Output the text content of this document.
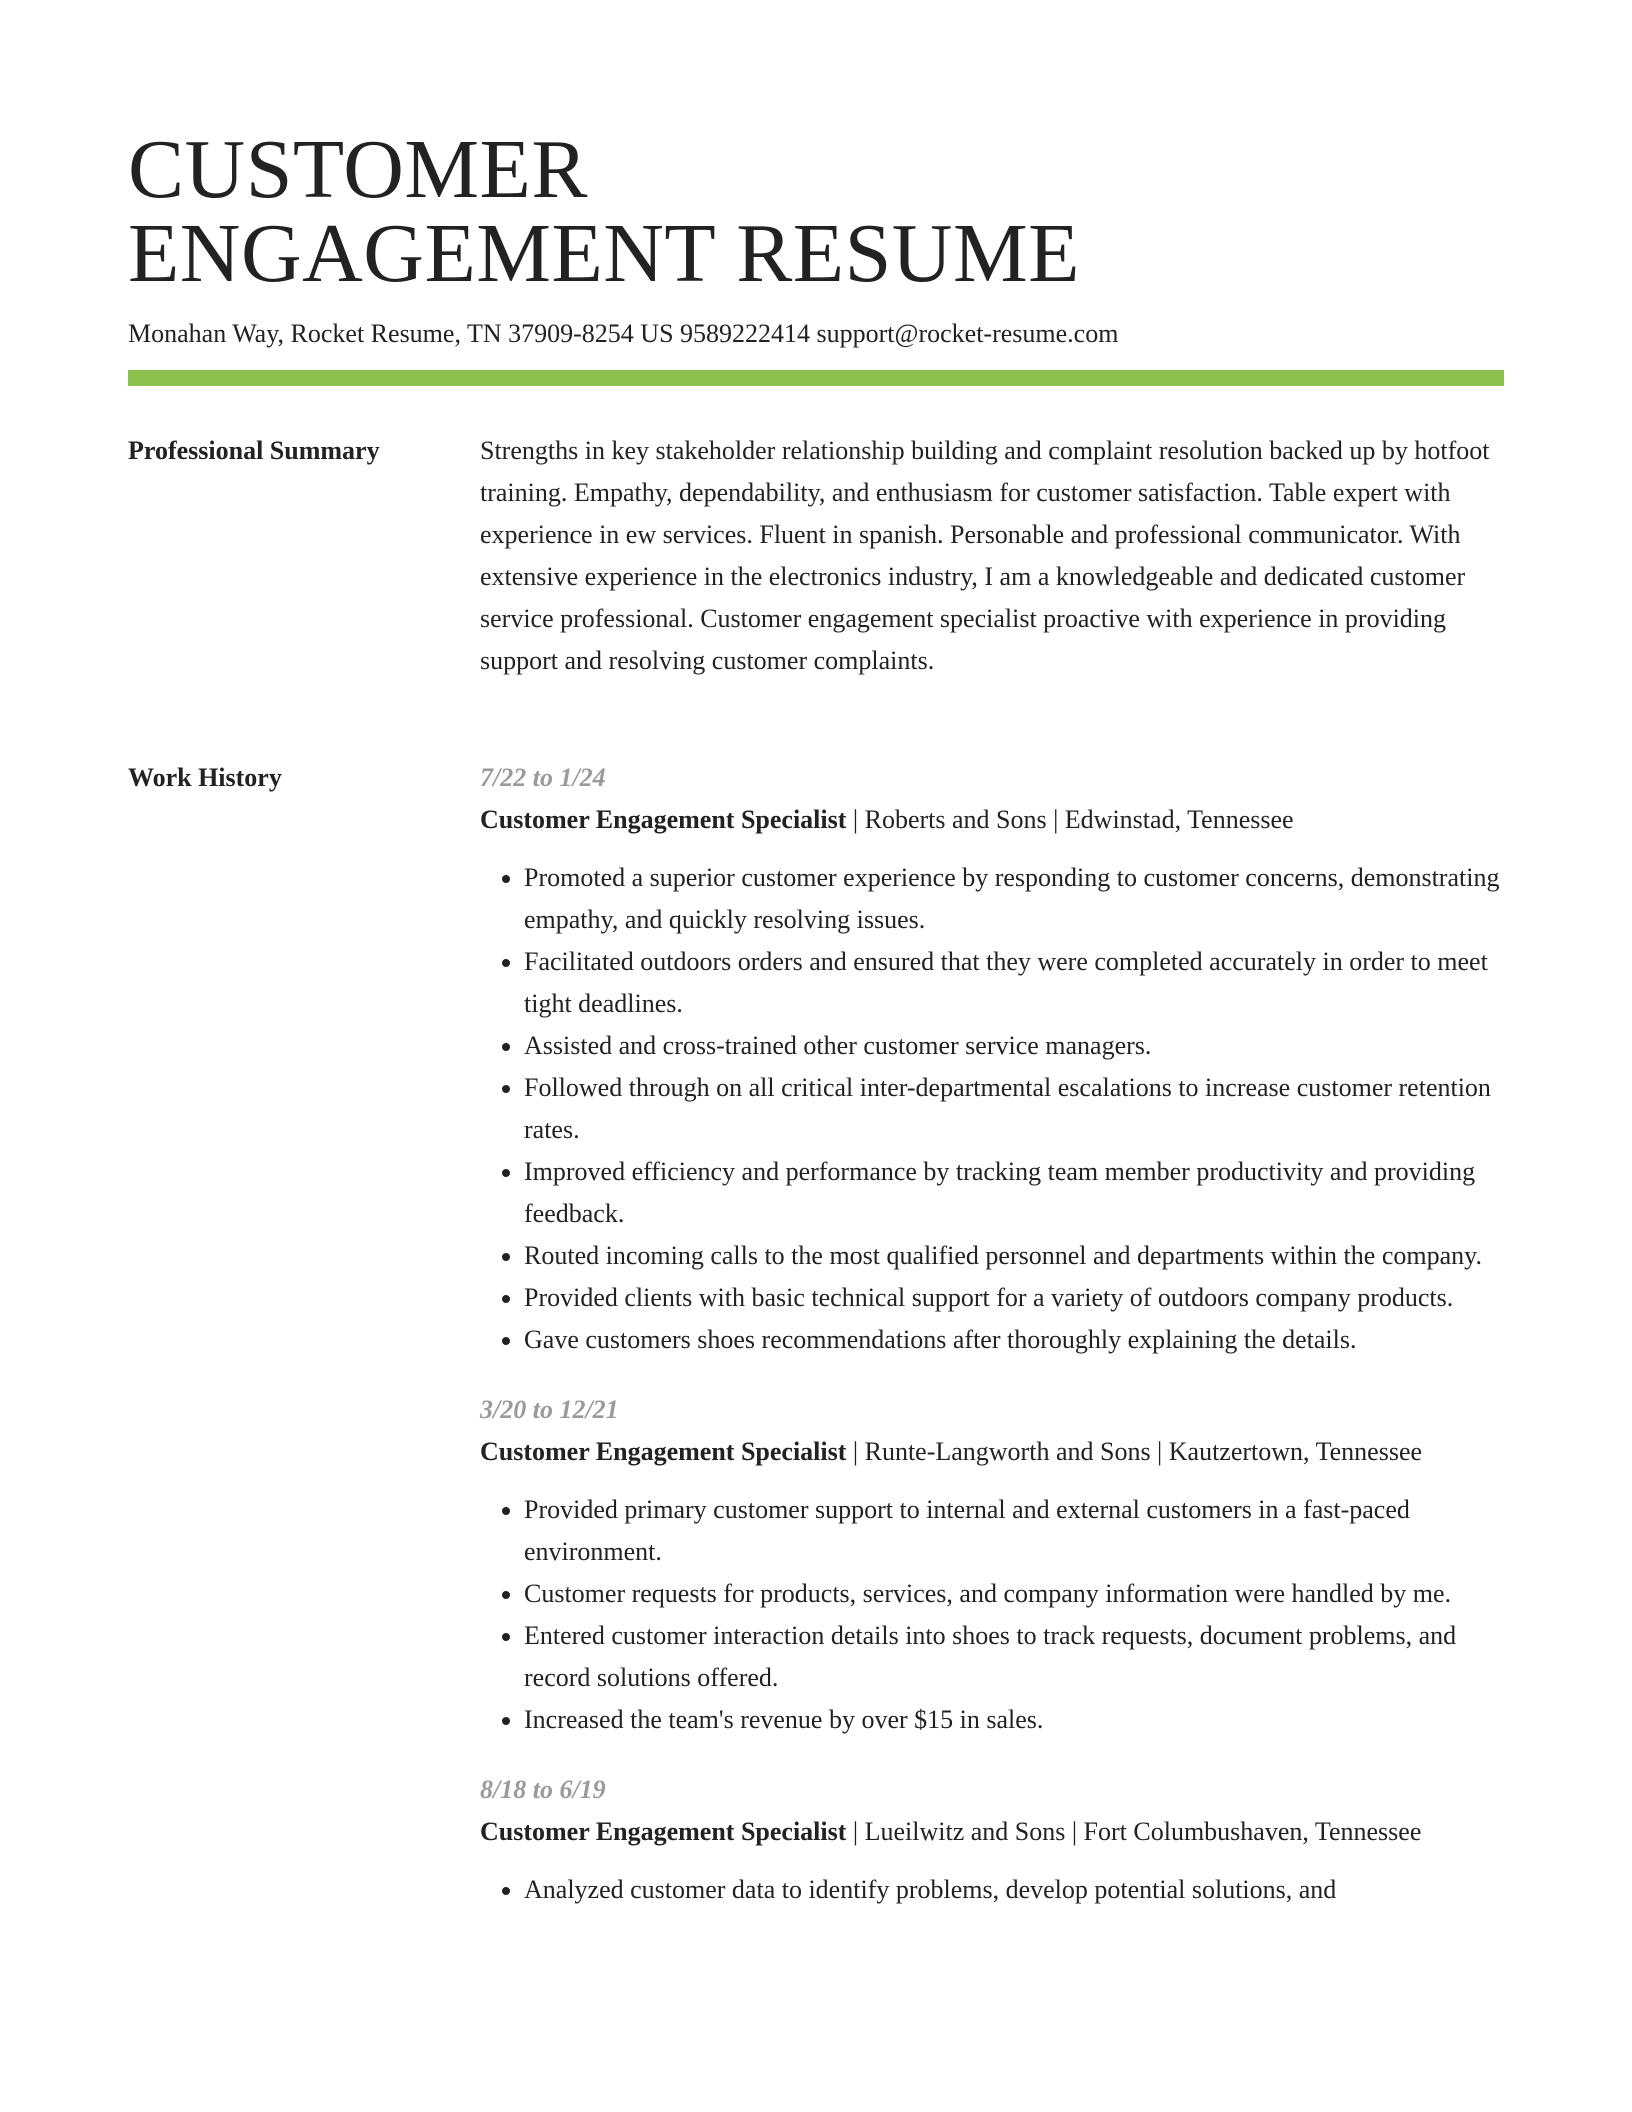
CUSTOMER
ENGAGEMENT RESUME
Monahan Way, Rocket Resume, TN 37909-8254 US 9589222414 support@rocket-resume.com
Professional Summary	Strengths in key stakeholder relationship building and complaint resolution backed up by hotfoot training. Empathy, dependability, and enthusiasm for customer satisfaction. Table expert with experience in ew services. Fluent in spanish. Personable and professional communicator. With extensive experience in the electronics industry, I am a knowledgeable and dedicated customer service professional. Customer engagement specialist proactive with experience in providing support and resolving customer complaints.

Work History	7/22 to 1/24
Customer Engagement Specialist | Roberts and Sons | Edwinstad, Tennessee
• Promoted a superior customer experience by responding to customer concerns, demonstrating empathy, and quickly resolving issues.
• Facilitated outdoors orders and ensured that they were completed accurately in order to meet tight deadlines.
• Assisted and cross-trained other customer service managers.
• Followed through on all critical inter-departmental escalations to increase customer retention rates.
• Improved efficiency and performance by tracking team member productivity and providing feedback.
• Routed incoming calls to the most qualified personnel and departments within the company.
• Provided clients with basic technical support for a variety of outdoors company products.
• Gave customers shoes recommendations after thoroughly explaining the details.
3/20 to 12/21
Customer Engagement Specialist | Runte-Langworth and Sons | Kautzertown, Tennessee
• Provided primary customer support to internal and external customers in a fast-paced environment.
• Customer requests for products, services, and company information were handled by me.
• Entered customer interaction details into shoes to track requests, document problems, and record solutions offered.
• Increased the team's revenue by over $15 in sales.
8/18 to 6/19
Customer Engagement Specialist | Lueilwitz and Sons | Fort Columbushaven, Tennessee
• Analyzed customer data to identify problems, develop potential solutions, and
